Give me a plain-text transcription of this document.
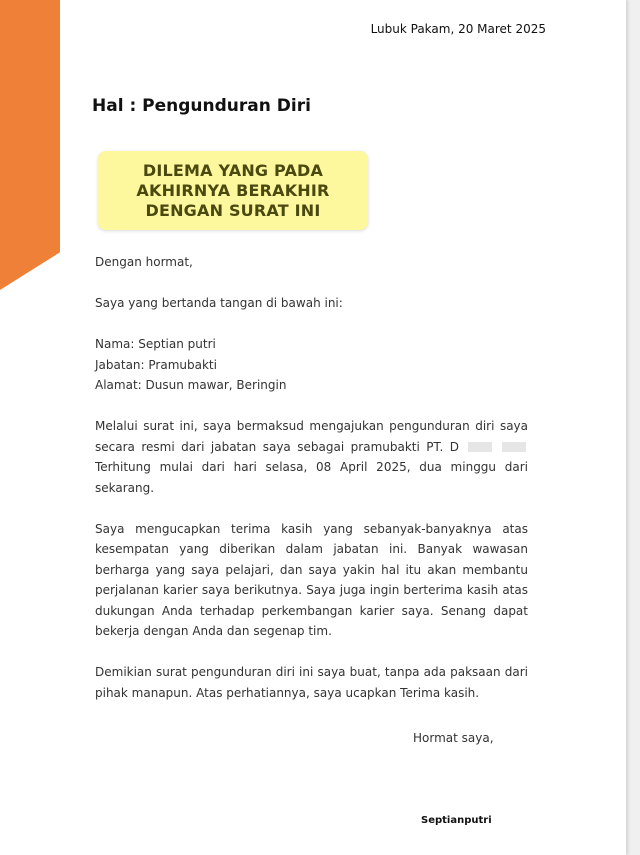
Lubuk Pakam, 20 Maret 2025
Hal : Pengunduran Diri
DILEMA YANG PADA
AKHIRNYA BERAKHIR
DENGAN SURAT INI

Dengan hormat,

Saya yang bertanda tangan di bawah ini:

Nama: Septian putri
Jabatan: Pramubakti
Alamat: Dusun mawar, Beringin

Melalui surat ini, saya bermaksud mengajukan pengunduran diri saya secara resmi dari jabatan saya sebagai pramubakti PT. D   Terhitung mulai dari hari selasa, 08 April 2025, dua minggu dari sekarang.

Saya mengucapkan terima kasih yang sebanyak-banyaknya atas kesempatan yang diberikan dalam jabatan ini. Banyak wawasan berharga yang saya pelajari, dan saya yakin hal itu akan membantu perjalanan karier saya berikutnya. Saya juga ingin berterima kasih atas dukungan Anda terhadap perkembangan karier saya. Senang dapat bekerja dengan Anda dan segenap tim.

Demikian surat pengunduran diri ini saya buat, tanpa ada paksaan dari pihak manapun. Atas perhatiannya, saya ucapkan Terima kasih.

Hormat saya,
Septianputri
